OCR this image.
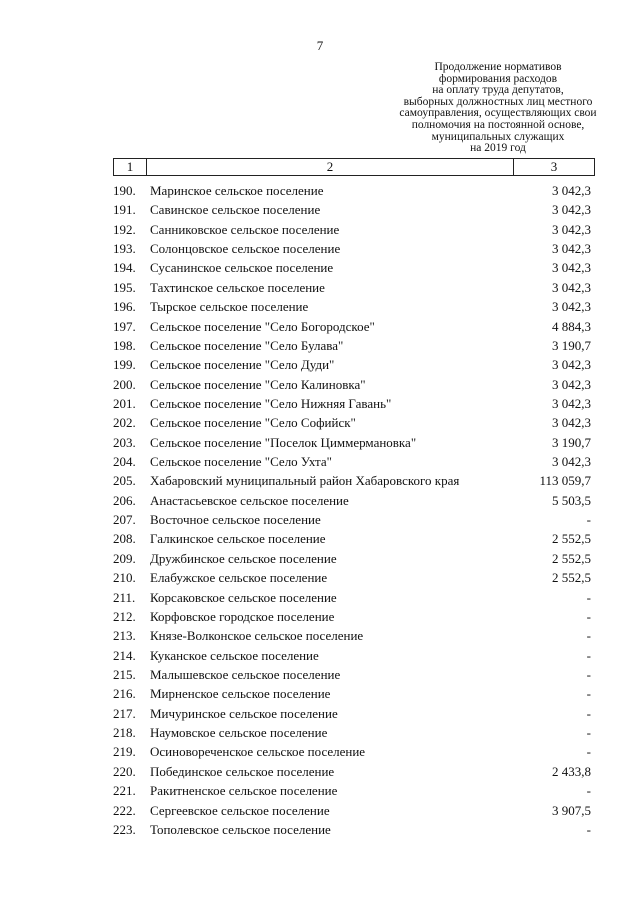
7
Продолжение нормативов
формирования расходов
на оплату труда депутатов,
выборных должностных лиц местного
самоуправления, осуществляющих свои
полномочия на постоянной основе,
муниципальных служащих
на 2019 год
1	2	3
190. Маринское сельское поселение	3 042,3
191. Савинское сельское поселение	3 042,3
192. Санниковское сельское поселение	3 042,3
193. Солонцовское сельское поселение	3 042,3
194. Сусанинское сельское поселение	3 042,3
195. Тахтинское сельское поселение	3 042,3
196. Тырское сельское поселение	3 042,3
197. Сельское поселение "Село Богородское"	4 884,3
198. Сельское поселение "Село Булава"	3 190,7
199. Сельское поселение "Село Дуди"	3 042,3
200. Сельское поселение "Село Калиновка"	3 042,3
201. Сельское поселение "Село Нижняя Гавань"	3 042,3
202. Сельское поселение "Село Софийск"	3 042,3
203. Сельское поселение "Поселок Циммермановка"	3 190,7
204. Сельское поселение "Село Ухта"	3 042,3
205. Хабаровский муниципальный район Хабаровского края	113 059,7
206. Анастасьевское сельское поселение	5 503,5
207. Восточное сельское поселение	-
208. Галкинское сельское поселение	2 552,5
209. Дружбинское сельское поселение	2 552,5
210. Елабужское сельское поселение	2 552,5
211. Корсаковское сельское поселение	-
212. Корфовское городское поселение	-
213. Князе-Волконское сельское поселение	-
214. Куканское сельское поселение	-
215. Малышевское сельское поселение	-
216. Мирненское сельское поселение	-
217. Мичуринское сельское поселение	-
218. Наумовское сельское поселение	-
219. Осиновореченское сельское поселение	-
220. Побединское сельское поселение	2 433,8
221. Ракитненское сельское поселение	-
222. Сергеевское сельское поселение	3 907,5
223. Тополевское сельское поселение	-
